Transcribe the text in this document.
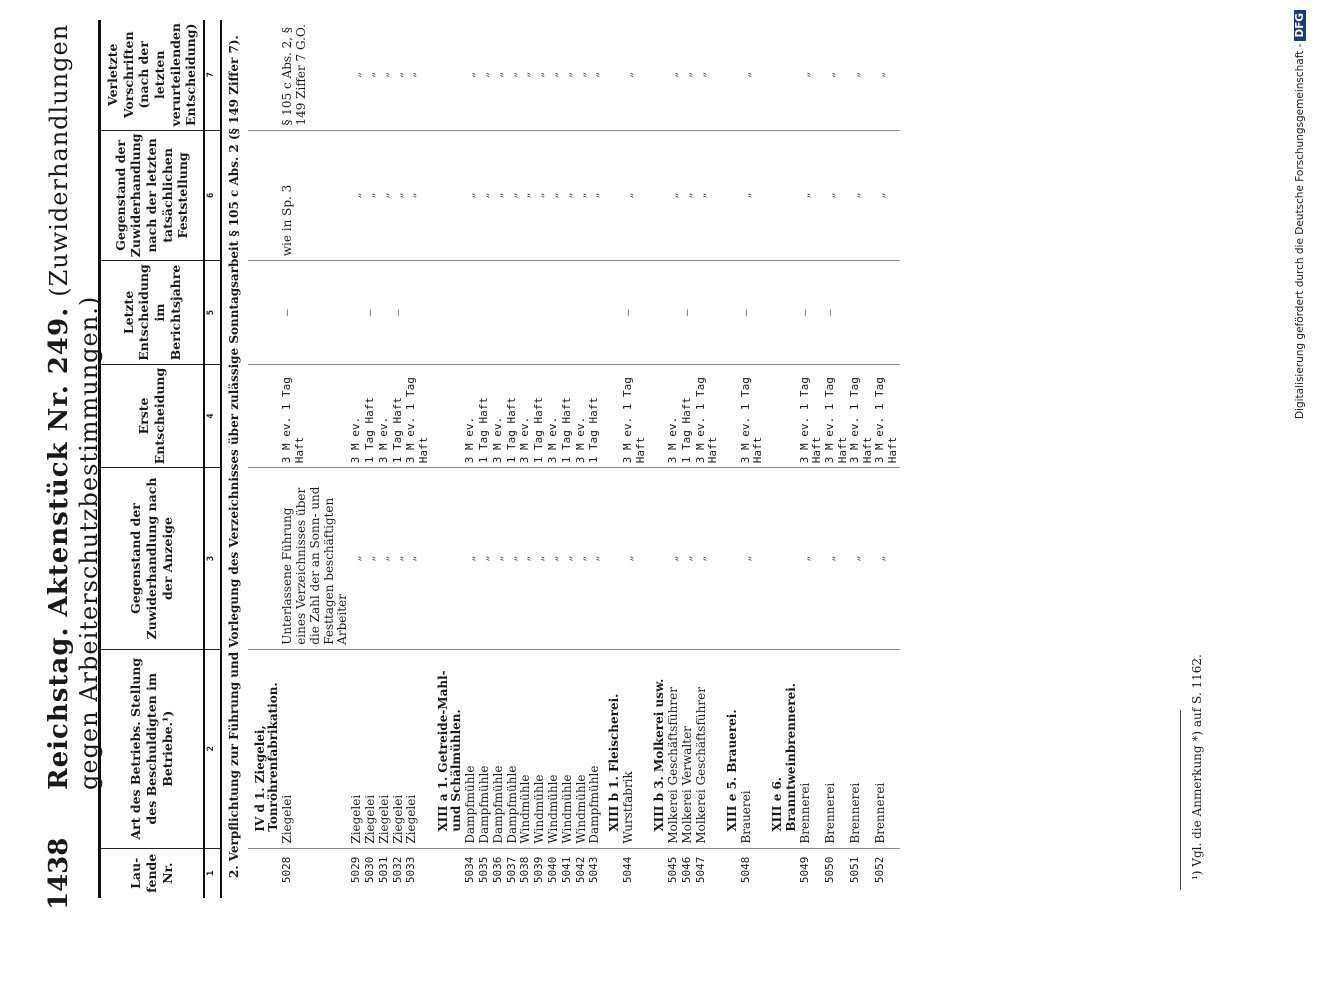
1438
Reichstag. Aktenstück Nr. 249. (Zuwiderhandlungen gegen Arbeiterschutzbestimmungen.)
Lau-fende Nr.	Art des Betriebs. Stellung des Beschuldigten im Betriebe.¹)	Gegenstand der Zuwiderhandlung nach der Anzeige	Erste Entscheidung	Letzte Entscheidung im Berichtsjahre	Gegenstand der Zuwiderhandlung nach der letzten tatsächlichen Feststellung	Verletzte Vorschriften (nach der letzten verurteilenden Entscheidung)
1	2	3	4	5	6	7
2. Verpflichtung zur Führung und Vorlegung des Verzeichnisses über zulässige Sonntagsarbeit § 105 c Abs. 2 (§ 149 Ziffer 7).						
	IV d 1. Ziegelei, Tonröhrenfabrikation.					
5028	Ziegelei	Unterlassene Führung eines Verzeichnisses über die Zahl der an Sonn- und Festtagen beschäftigten Arbeiter	3 M ev. 1 Tag Haft	—	wie in Sp. 3	§ 105 c Abs. 2, § 149 Ziffer 7 G.O.
5029	Ziegelei	„	3 M ev.		„	„
5030	Ziegelei	„	1 Tag Haft	—	„	„
5031	Ziegelei	„	3 M ev.		„	„
5032	Ziegelei	„	1 Tag Haft	—	„	„
5033	Ziegelei	„	3 M ev. 1 Tag Haft		„	„
	XIII a 1. Getreide-Mahl- und Schälmühlen.					
5034	Dampfmühle	„	3 M ev.		„	„
5035	Dampfmühle	„	1 Tag Haft		„	„
5036	Dampfmühle	„	3 M ev.		„	„
5037	Dampfmühle	„	1 Tag Haft		„	„
5038	Windmühle	„	3 M ev.		„	„
5039	Windmühle	„	1 Tag Haft		„	„
5040	Windmühle	„	3 M ev.		„	„
5041	Windmühle	„	1 Tag Haft		„	„
5042	Windmühle	„	3 M ev.		„	„
5043	Dampfmühle	„	1 Tag Haft		„	„
	XIII b 1. Fleischerei.					
5044	Wurstfabrik	„	3 M ev. 1 Tag Haft	—	„	„
	XIII b 3. Molkerei usw.					
5045	Molkerei Geschäftsführer	„	3 M ev.		„	„
5046	Molkerei Verwalter	„	1 Tag Haft	—	„	„
5047	Molkerei Geschäftsführer	„	3 M ev. 1 Tag Haft		„	„
	XIII e 5. Brauerei.					
5048	Brauerei	„	3 M ev. 1 Tag Haft	—	„	„
	XIII e 6. Branntweinbrennerei.					
5049	Brennerei	„	3 M ev. 1 Tag Haft	—	„	„
5050	Brennerei	„	3 M ev. 1 Tag Haft	—	„	„
5051	Brennerei	„	3 M ev. 1 Tag Haft		„	„
5052	Brennerei	„	3 M ev. 1 Tag Haft		„	„
¹) Vgl. die Anmerkung *) auf S. 1162.
Digitalisierung gefördert durch die Deutsche Forschungsgemeinschaft -DFG
